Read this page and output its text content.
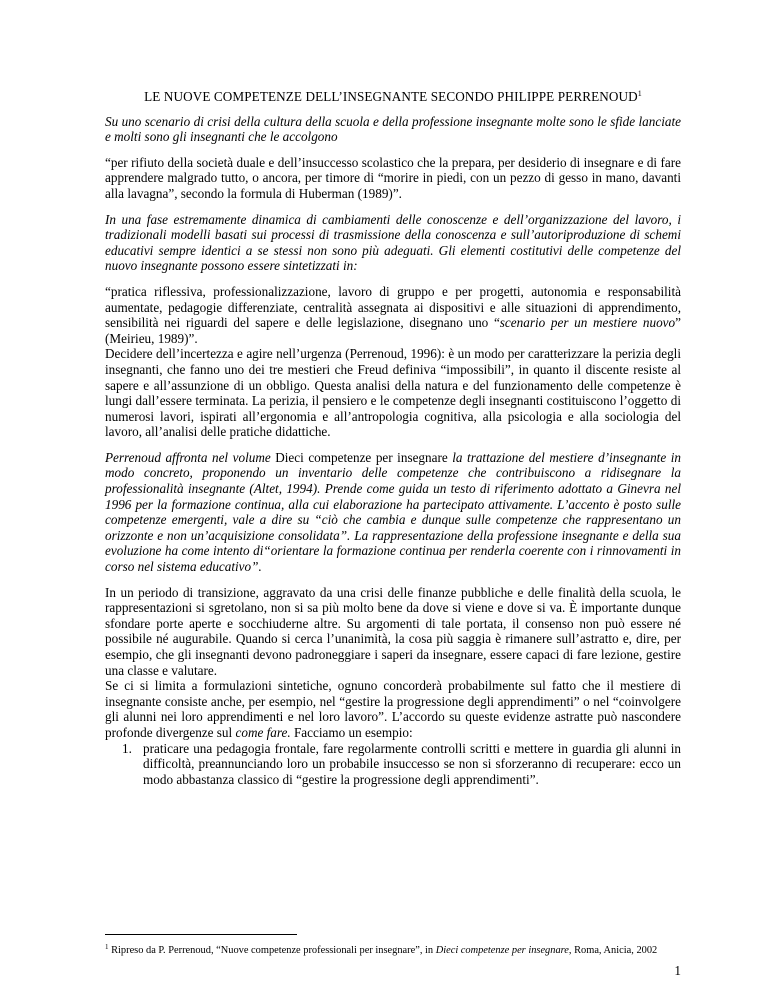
LE NUOVE COMPETENZE DELL’INSEGNANTE SECONDO PHILIPPE PERRENOUD$^1$

Su uno scenario di crisi della cultura della scuola e della professione insegnante molte sono le sfide lanciate e molti sono gli insegnanti che le accolgono

“per rifiuto della società duale e dell’insuccesso scolastico che la prepara, per desiderio di insegnare e di fare apprendere malgrado tutto, o ancora, per timore di “morire in piedi, con un pezzo di gesso in mano, davanti alla lavagna”, secondo la formula di Huberman (1989)”.

In una fase estremamente dinamica di cambiamenti delle conoscenze e dell’organizzazione del lavoro, i tradizionali modelli basati sui processi di trasmissione della conoscenza e sull’autoriproduzione di schemi educativi sempre identici a se stessi non sono più adeguati. Gli elementi costitutivi delle competenze del nuovo insegnante possono essere sintetizzati in:

“pratica riflessiva, professionalizzazione, lavoro di gruppo e per progetti, autonomia e responsabilità aumentate, pedagogie differenziate, centralità assegnata ai dispositivi e alle situazioni di apprendimento, sensibilità nei riguardi del sapere e delle legislazione, disegnano uno “scenario per un mestiere nuovo” (Meirieu, 1989)”.

Decidere dell’incertezza e agire nell’urgenza (Perrenoud, 1996): è un modo per caratterizzare la perizia degli insegnanti, che fanno uno dei tre mestieri che Freud definiva “impossibili”, in quanto il discente resiste al sapere e all’assunzione di un obbligo. Questa analisi della natura e del funzionamento delle competenze è lungi dall’essere terminata. La perizia, il pensiero e le competenze degli insegnanti costituiscono l’oggetto di numerosi lavori, ispirati all’ergonomia e all’antropologia cognitiva, alla psicologia e alla sociologia del lavoro, all’analisi delle pratiche didattiche.

Perrenoud affronta nel volume Dieci competenze per insegnare la trattazione del mestiere d’insegnante in modo concreto, proponendo un inventario delle competenze che contribuiscono a ridisegnare la professionalità insegnante (Altet, 1994). Prende come guida un testo di riferimento adottato a Ginevra nel 1996 per la formazione continua, alla cui elaborazione ha partecipato attivamente. L’accento è posto sulle competenze emergenti, vale a dire su “ciò che cambia e dunque sulle competenze che rappresentano un orizzonte e non un’acquisizione consolidata”. La rappresentazione della professione insegnante e della sua evoluzione ha come intento di“orientare la formazione continua per renderla coerente con i rinnovamenti in corso nel sistema educativo”.

In un periodo di transizione, aggravato da una crisi delle finanze pubbliche e delle finalità della scuola, le rappresentazioni si sgretolano, non si sa più molto bene da dove si viene e dove si va. È importante dunque sfondare porte aperte e socchiuderne altre. Su argomenti di tale portata, il consenso non può essere né possibile né augurabile. Quando si cerca l’unanimità, la cosa più saggia è rimanere sull’astratto e, dire, per esempio, che gli insegnanti devono padroneggiare i saperi da insegnare, essere capaci di fare lezione, gestire una classe e valutare.

Se ci si limita a formulazioni sintetiche, ognuno concorderà probabilmente sul fatto che il mestiere di insegnante consiste anche, per esempio, nel “gestire la progressione degli apprendimenti” o nel “coinvolgere gli alunni nei loro apprendimenti e nel loro lavoro”. L’accordo su queste evidenze astratte può nascondere profonde divergenze sul come fare. Facciamo un esempio:

1. praticare una pedagogia frontale, fare regolarmente controlli scritti e mettere in guardia gli alunni in difficoltà, preannunciando loro un probabile insuccesso se non si sforzeranno di recuperare: ecco un modo abbastanza classico di “gestire la progressione degli apprendimenti”.
$^1$ Ripreso da P. Perrenoud, “Nuove competenze professionali per insegnare”, in Dieci competenze per insegnare, Roma, Anicia, 2002
1
